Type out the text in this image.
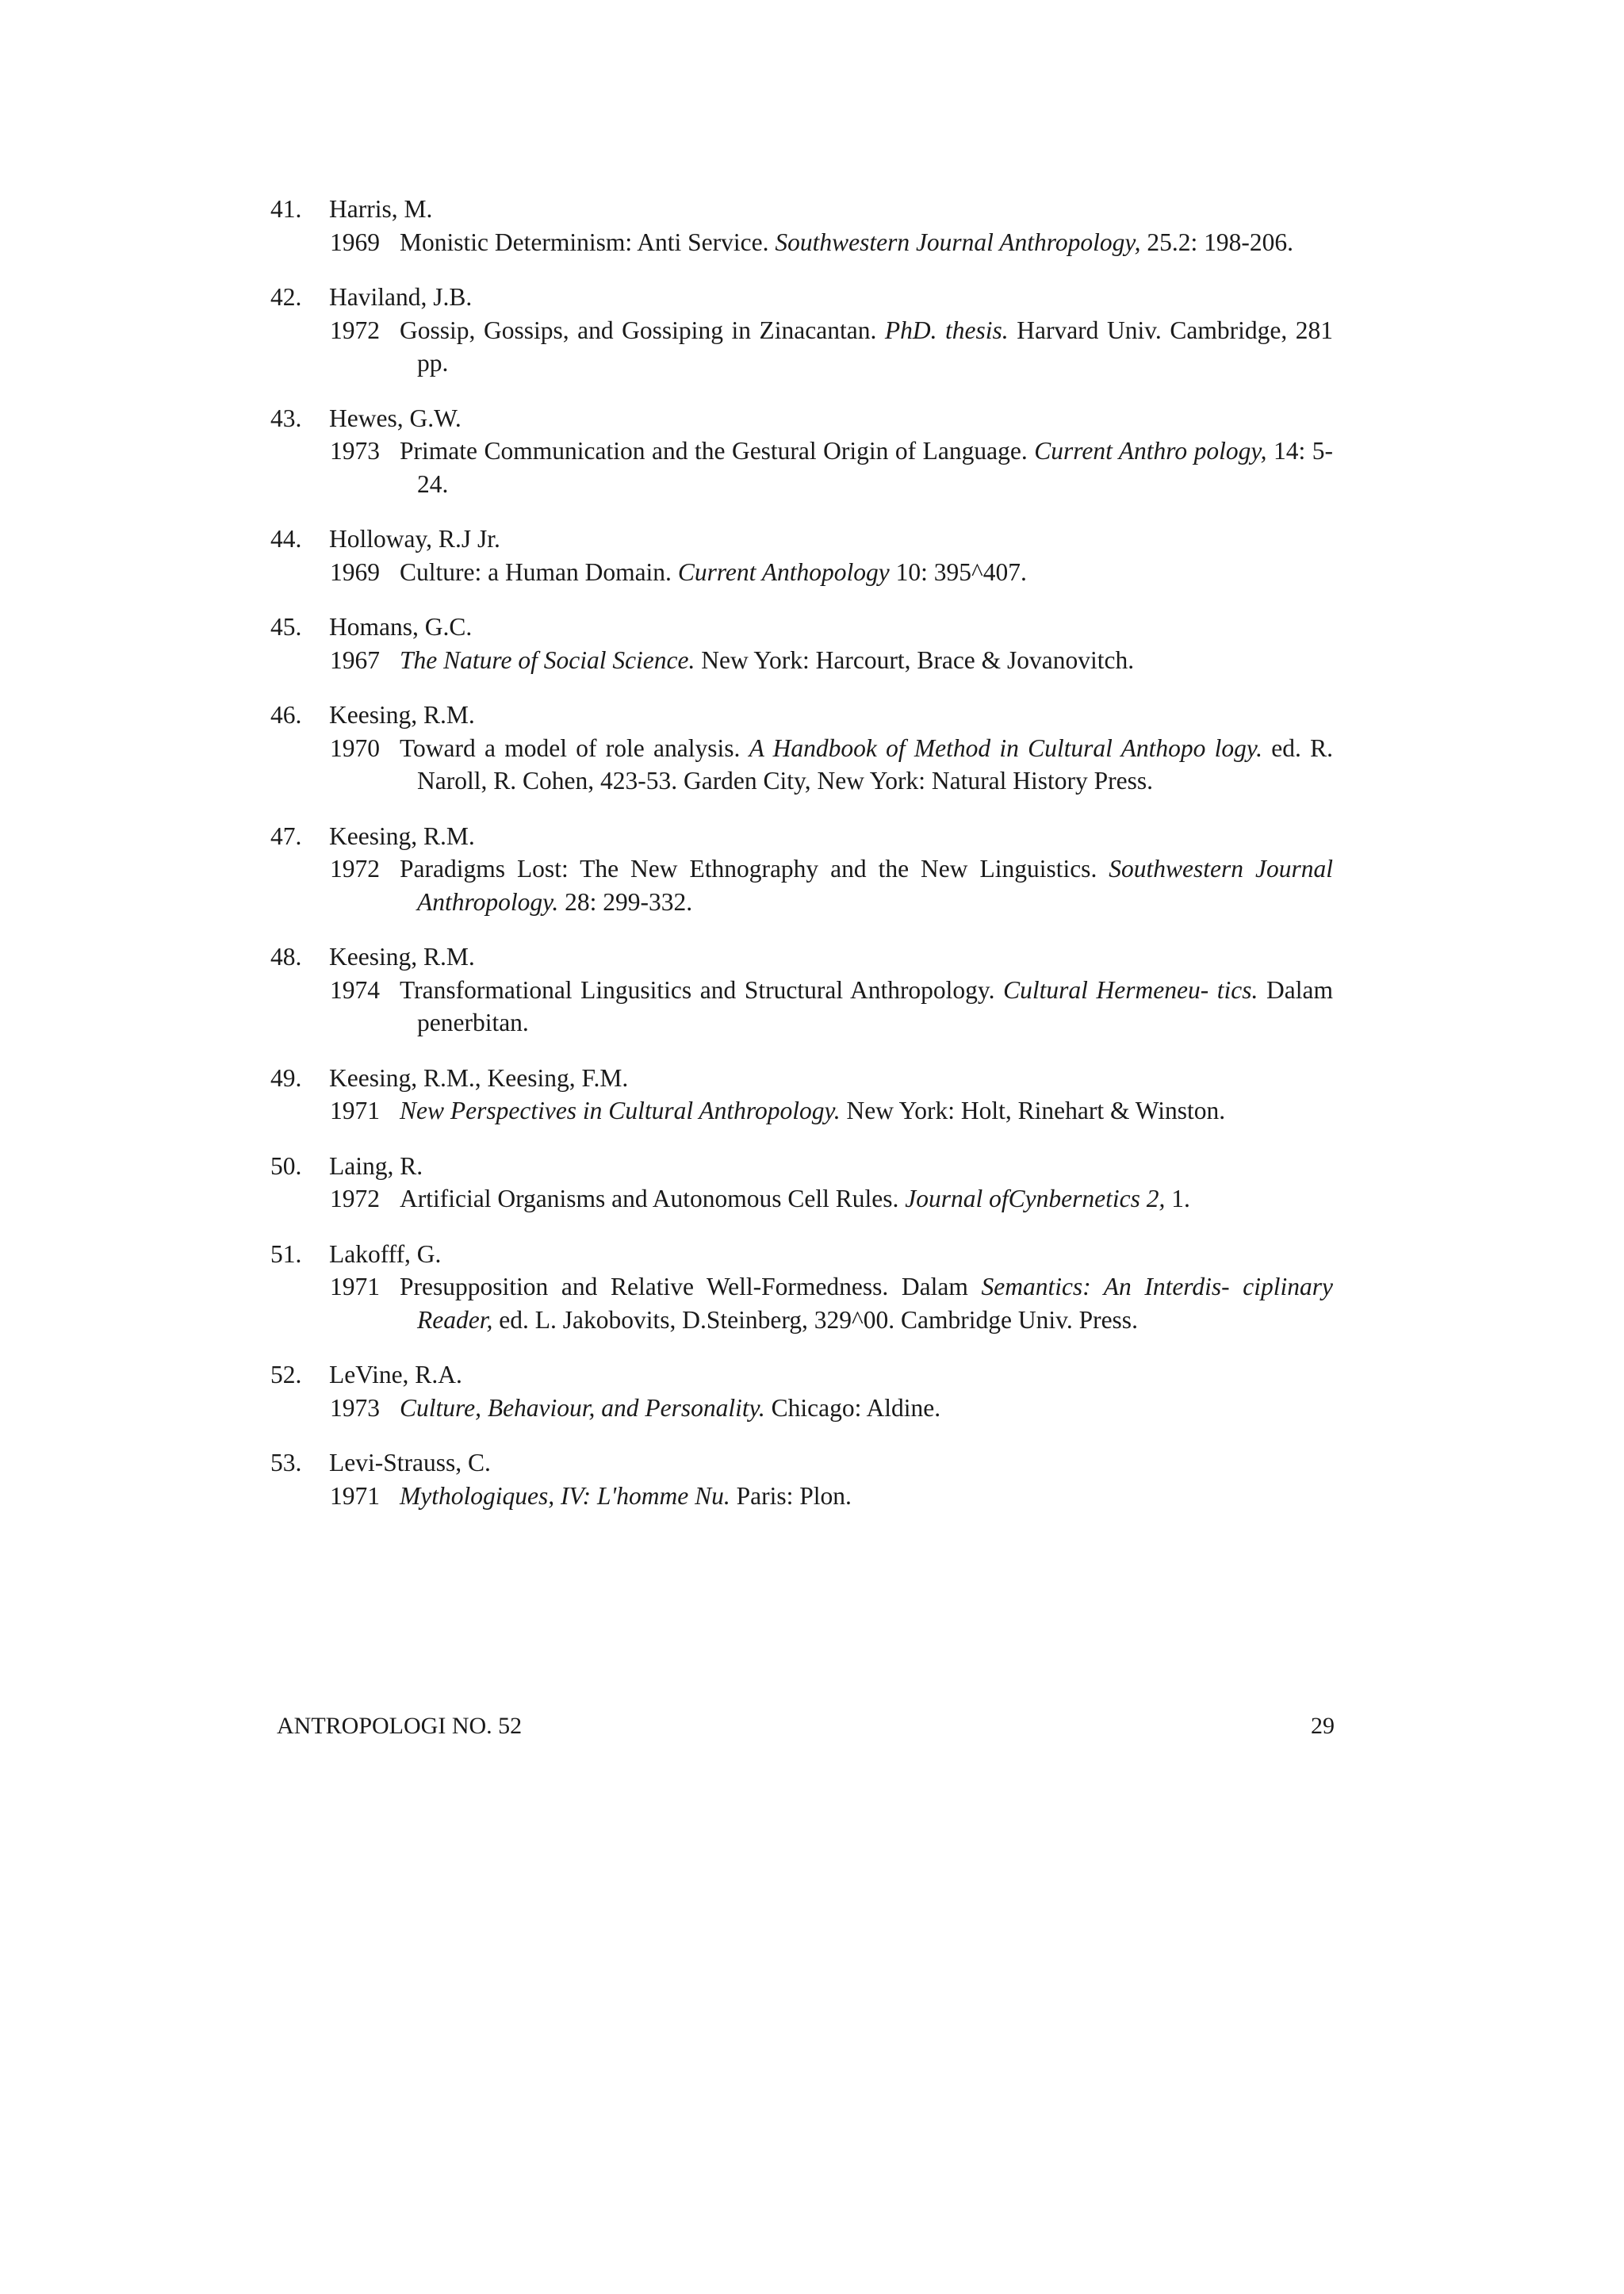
41.	Harris, M.
1969 Monistic Determinism: Anti Service. Southwestern Journal Anthropology, 25.2: 198-206.
42.	Haviland, J.B.
1972 Gossip, Gossips, and Gossiping in Zinacantan. PhD. thesis. Harvard Univ. Cambridge, 281 pp.
43.	Hewes, G.W.
1973 Primate Communication and the Gestural Origin of Language. Current Anthro pology, 14: 5-24.
44.	Holloway, R.J Jr.
1969 Culture: a Human Domain. Current Anthopology 10: 395^407.
45.	Homans, G.C.
1967 The Nature of Social Science. New York: Harcourt, Brace & Jovanovitch.
46.	Keesing, R.M.
1970 Toward a model of role analysis. A Handbook of Method in Cultural Anthopo logy. ed. R. Naroll, R. Cohen, 423-53. Garden City, New York: Natural History Press.
47.	Keesing, R.M.
1972 Paradigms Lost: The New Ethnography and the New Linguistics. Southwestern Journal Anthropology. 28: 299-332.
48.	Keesing, R.M.
1974 Transformational Lingusitics and Structural Anthropology. Cultural Hermeneu- tics. Dalam penerbitan.
49.	Keesing, R.M., Keesing, F.M.
1971 New Perspectives in Cultural Anthropology. New York: Holt, Rinehart & Winston.
50.	Laing, R.
1972 Artificial Organisms and Autonomous Cell Rules. Journal ofCynbernetics 2, 1.
51.	Lakofff, G.
1971 Presupposition and Relative Well-Formedness. Dalam Semantics: An Interdis- ciplinary Reader, ed. L. Jakobovits, D.Steinberg, 329^00. Cambridge Univ. Press.
52.	LeVine, R.A.
1973 Culture, Behaviour, and Personality. Chicago: Aldine.
53.	Levi-Strauss, C.
1971 Mythologiques, IV: L'homme Nu. Paris: Plon.
ANTROPOLOGI NO. 52	29
